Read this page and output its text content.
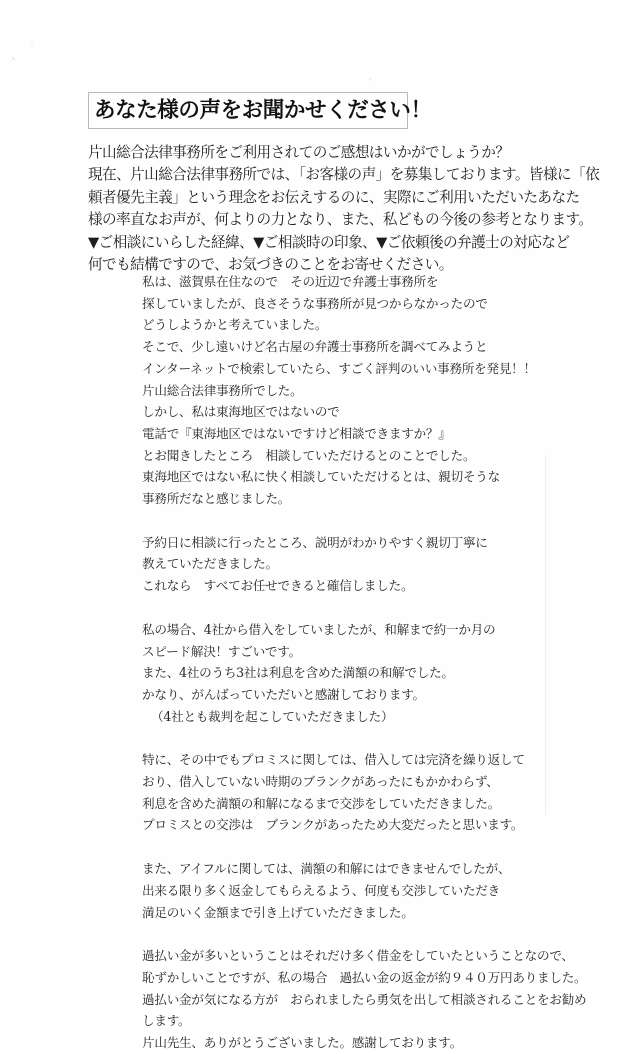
あなた様の声をお聞かせください！
片山総合法律事務所をご利用されてのご感想はいかがでしょうか？
現在、片山総合法律事務所では、「お客様の声」を募集しております。皆様に「依
頼者優先主義」という理念をお伝えするのに、実際にご利用いただいたあなた
様の率直なお声が、何よりの力となり、また、私どもの今後の参考となります。
▼ご相談にいらした経緯、▼ご相談時の印象、▼ご依頼後の弁護士の対応など
何でも結構ですので、お気づきのことをお寄せください。
私は、滋賀県在住なので　その近辺で弁護士事務所を
探していましたが、良さそうな事務所が見つからなかったので
どうしようかと考えていました。
そこで、少し遠いけど名古屋の弁護士事務所を調べてみようと
インターネットで検索していたら、すごく評判のいい事務所を発見！！
片山総合法律事務所でした。
しかし、私は東海地区ではないので
電話で『東海地区ではないですけど相談できますか？』
とお聞きしたところ　相談していただけるとのことでした。
東海地区ではない私に快く相談していただけるとは、親切そうな
事務所だなと感じました。
予約日に相談に行ったところ、説明がわかりやすく親切丁寧に
教えていただきました。
これなら　すべてお任せできると確信しました。
私の場合、4社から借入をしていましたが、和解まで約一か月の
スピード解決！すごいです。
また、4社のうち3社は利息を含めた満額の和解でした。
かなり、がんばっていただいと感謝しております。
（4社とも裁判を起こしていただきました）
特に、その中でもプロミスに関しては、借入しては完済を繰り返して
おり、借入していない時期のブランクがあったにもかかわらず、
利息を含めた満額の和解になるまで交渉をしていただきました。
プロミスとの交渉は　ブランクがあったため大変だったと思います。
また、アイフルに関しては、満額の和解にはできませんでしたが、
出来る限り多く返金してもらえるよう、何度も交渉していただき
満足のいく金額まで引き上げていただきました。
過払い金が多いということはそれだけ多く借金をしていたということなので、
恥ずかしいことですが、私の場合　過払い金の返金が約９４０万円ありました。
過払い金が気になる方が　おられましたら勇気を出して相談されることをお勧め
します。
片山先生、ありがとうございました。感謝しております。
